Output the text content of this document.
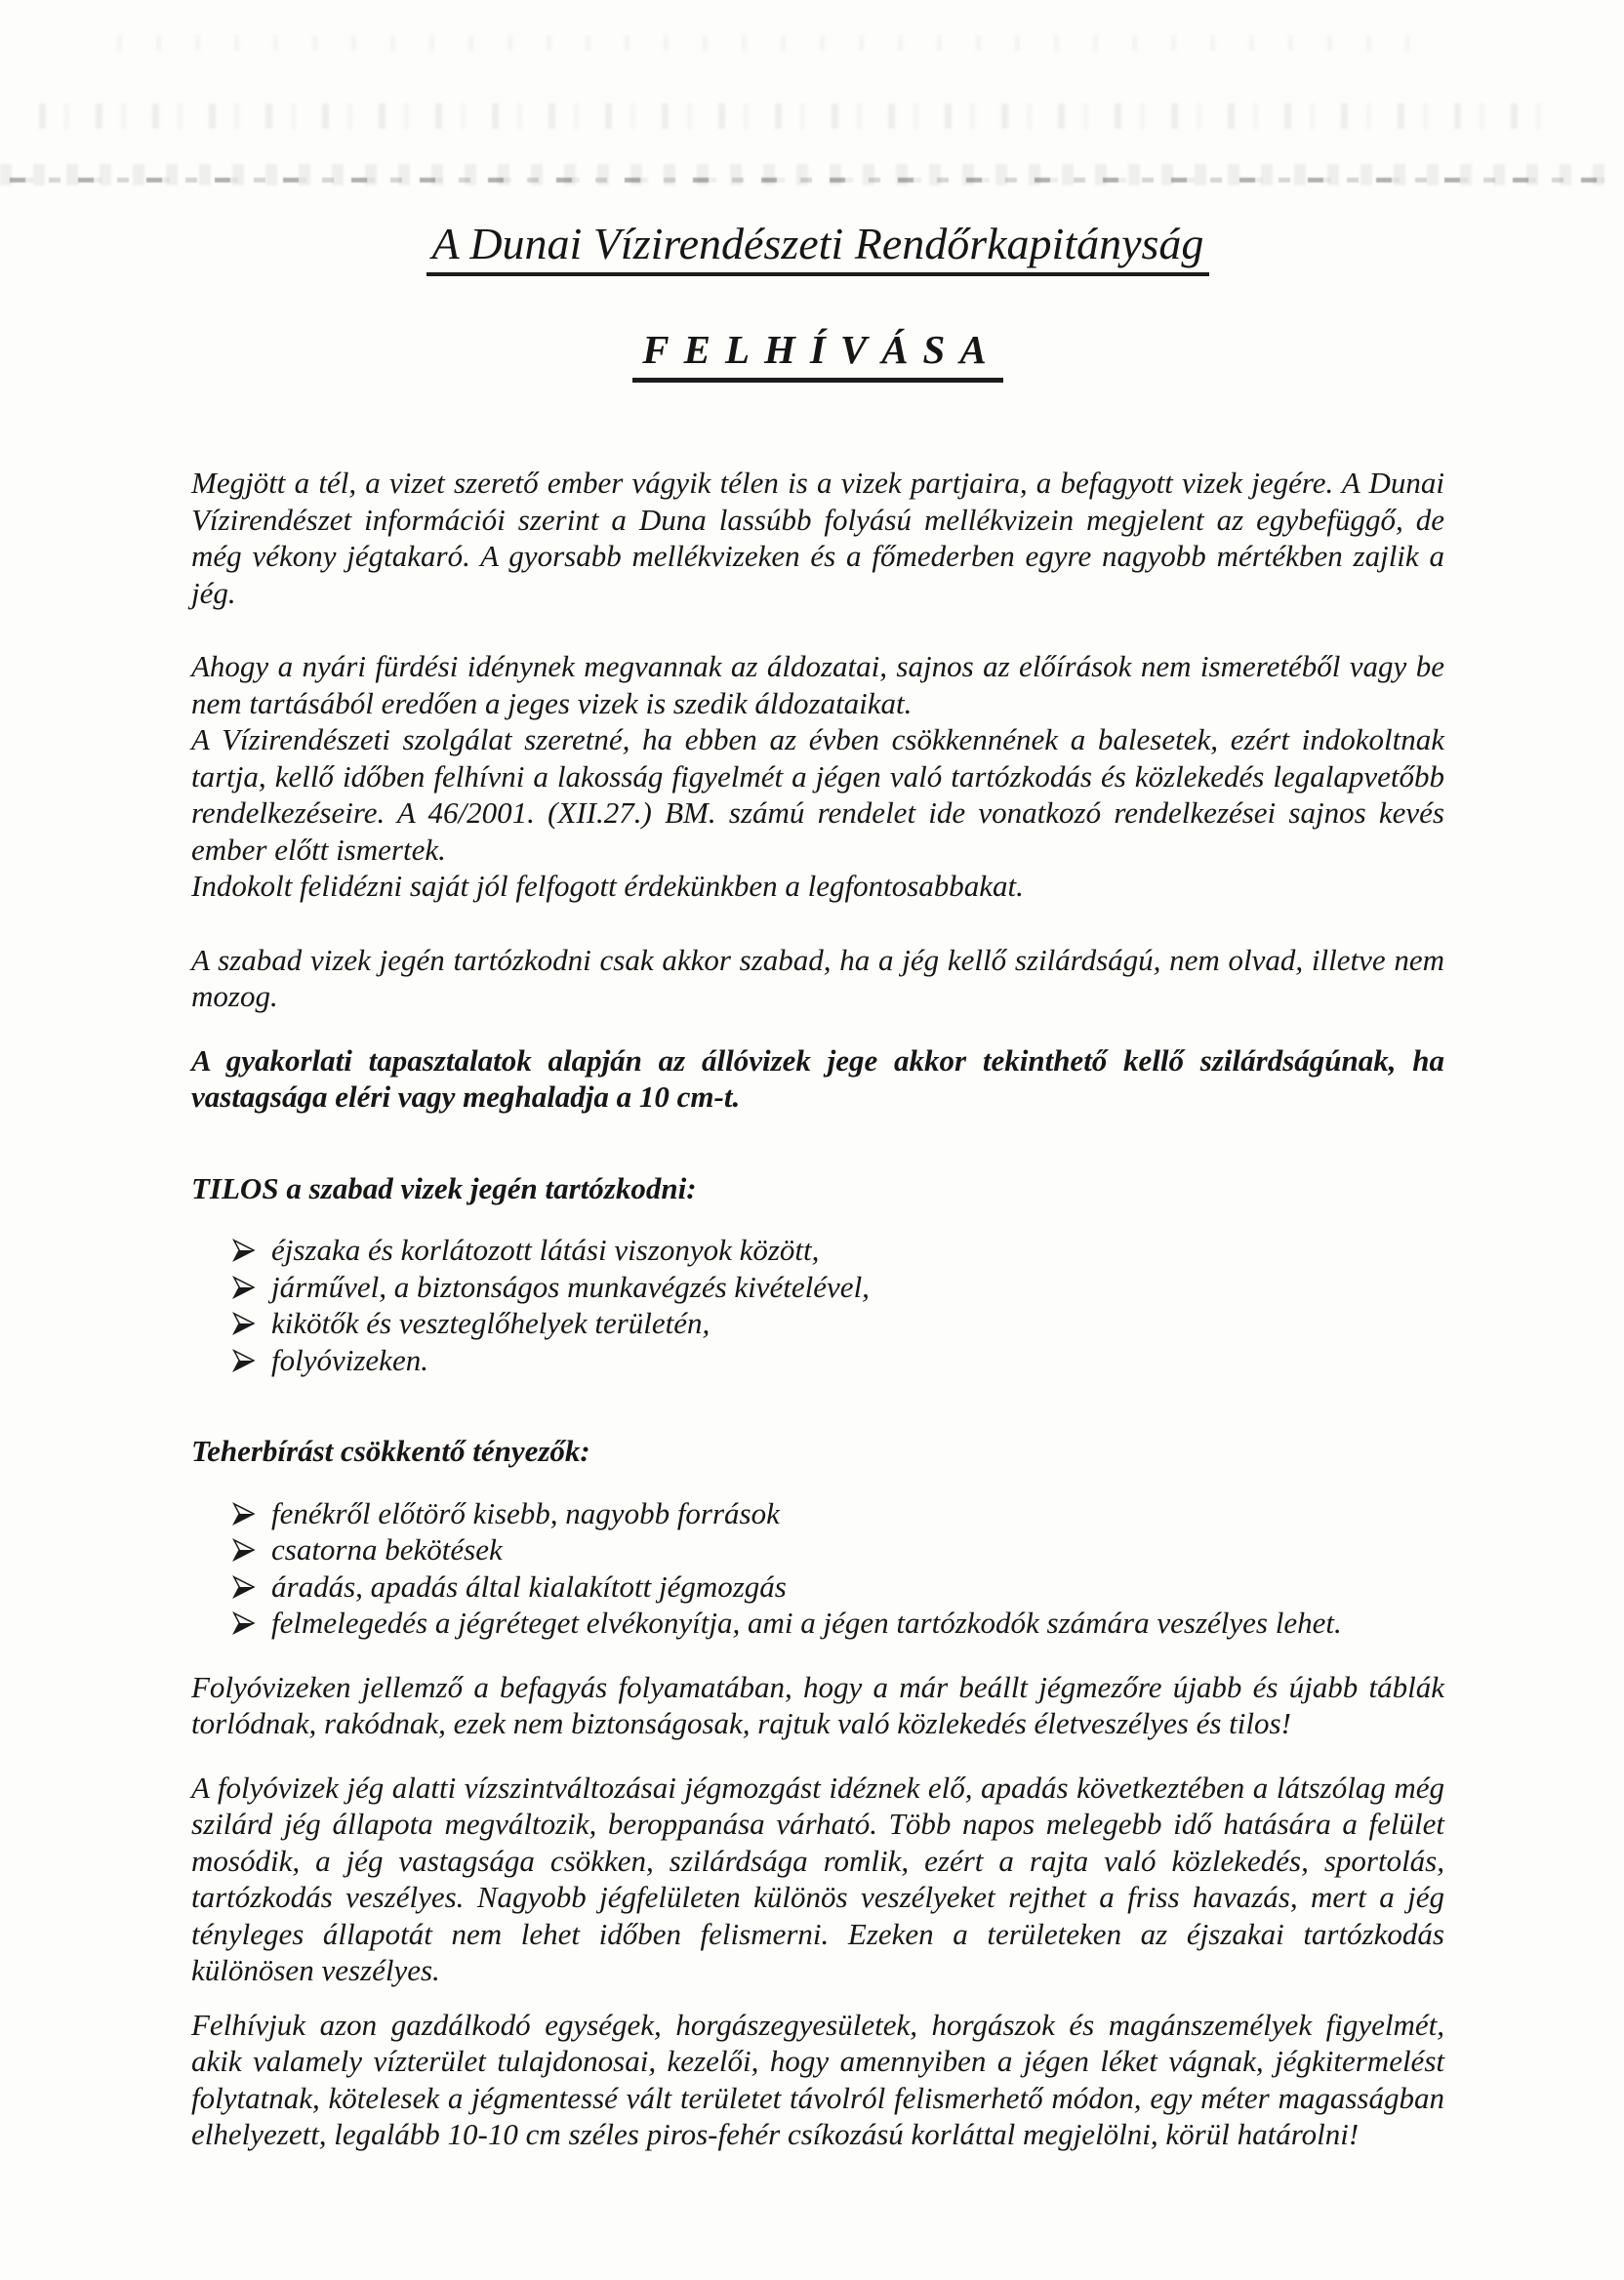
A Dunai Vízirendészeti Rendőrkapitányság
FELHÍVÁSA

Megjött a tél, a vizet szerető ember vágyik télen is a vizek partjaira, a befagyott vizek jegére. A Dunai Vízirendészet információi szerint a Duna lassúbb folyású mellékvizein megjelent az egybefüggő, de még vékony jégtakaró. A gyorsabb mellékvizeken és a főmederben egyre nagyobb mértékben zajlik a jég.

Ahogy a nyári fürdési idénynek megvannak az áldozatai, sajnos az előírások nem ismeretéből vagy be nem tartásából eredően a jeges vizek is szedik áldozataikat.

A Vízirendészeti szolgálat szeretné, ha ebben az évben csökkennének a balesetek, ezért indokoltnak tartja, kellő időben felhívni a lakosság figyelmét a jégen való tartózkodás és közlekedés legalapvetőbb rendelkezéseire. A 46/2001. (XII.27.) BM. számú rendelet ide vonatkozó rendelkezései sajnos kevés ember előtt ismertek.

Indokolt felidézni saját jól felfogott érdekünkben a legfontosabbakat.

A szabad vizek jegén tartózkodni csak akkor szabad, ha a jég kellő szilárdságú, nem olvad, illetve nem mozog.

A gyakorlati tapasztalatok alapján az állóvizek jege akkor tekinthető kellő szilárdságúnak, ha vastagsága eléri vagy meghaladja a 10 cm-t.

TILOS a szabad vizek jegén tartózkodni:

éjszaka és korlátozott látási viszonyok között,
járművel, a biztonságos munkavégzés kivételével,
kikötők és veszteglőhelyek területén,
folyóvizeken.

Teherbírást csökkentő tényezők:

fenékről előtörő kisebb, nagyobb források
csatorna bekötések
áradás, apadás által kialakított jégmozgás
felmelegedés a jégréteget elvékonyítja, ami a jégen tartózkodók számára veszélyes lehet.

Folyóvizeken jellemző a befagyás folyamatában, hogy a már beállt jégmezőre újabb és újabb táblák torlódnak, rakódnak, ezek nem biztonságosak, rajtuk való közlekedés életveszélyes és tilos!

A folyóvizek jég alatti vízszintváltozásai jégmozgást idéznek elő, apadás következtében a látszólag még szilárd jég állapota megváltozik, beroppanása várható. Több napos melegebb idő hatására a felület mosódik, a jég vastagsága csökken, szilárdsága romlik, ezért a rajta való közlekedés, sportolás, tartózkodás veszélyes. Nagyobb jégfelületen különös veszélyeket rejthet a friss havazás, mert a jég tényleges állapotát nem lehet időben felismerni. Ezeken a területeken az éjszakai tartózkodás különösen veszélyes.

Felhívjuk azon gazdálkodó egységek, horgászegyesületek, horgászok és magánszemélyek figyelmét, akik valamely vízterület tulajdonosai, kezelői, hogy amennyiben a jégen léket vágnak, jégkitermelést folytatnak, kötelesek a jégmentessé vált területet távolról felismerhető módon, egy méter magasságban elhelyezett, legalább 10-10 cm széles piros-fehér csíkozású korláttal megjelölni, körül határolni!
